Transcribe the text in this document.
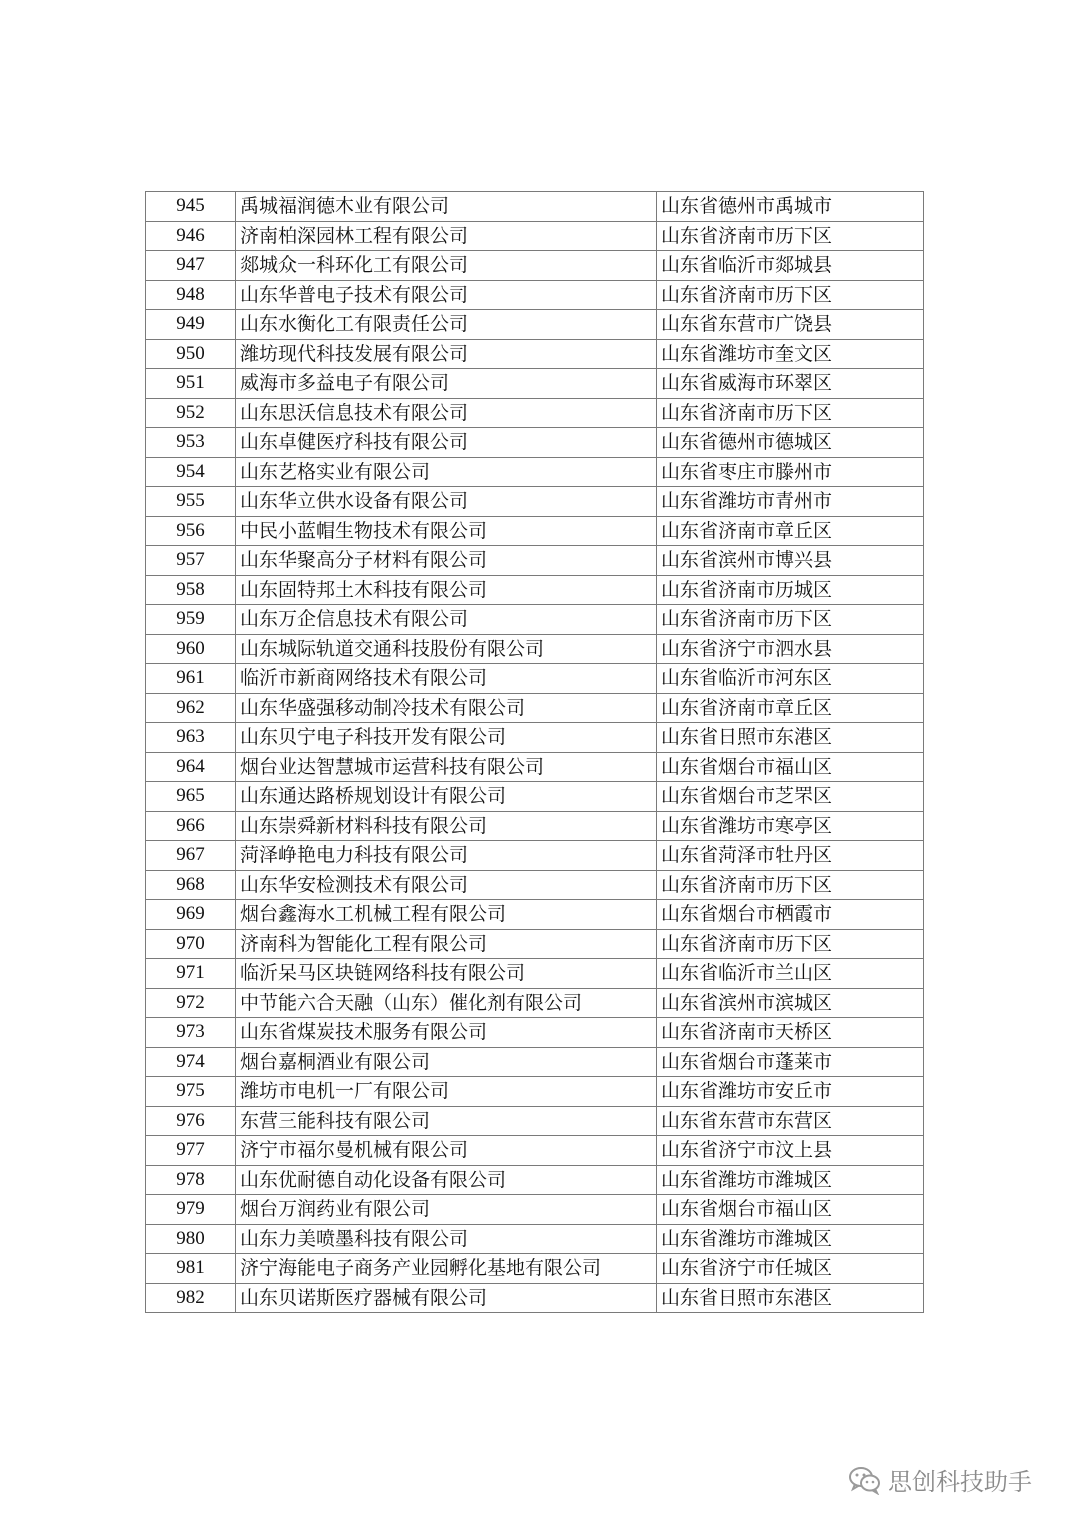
945	禹城福润德木业有限公司	山东省德州市禹城市
946	济南柏深园林工程有限公司	山东省济南市历下区
947	郯城众一科环化工有限公司	山东省临沂市郯城县
948	山东华普电子技术有限公司	山东省济南市历下区
949	山东水衡化工有限责任公司	山东省东营市广饶县
950	潍坊现代科技发展有限公司	山东省潍坊市奎文区
951	威海市多益电子有限公司	山东省威海市环翠区
952	山东思沃信息技术有限公司	山东省济南市历下区
953	山东卓健医疗科技有限公司	山东省德州市德城区
954	山东艺格实业有限公司	山东省枣庄市滕州市
955	山东华立供水设备有限公司	山东省潍坊市青州市
956	中民小蓝帽生物技术有限公司	山东省济南市章丘区
957	山东华聚高分子材料有限公司	山东省滨州市博兴县
958	山东固特邦土木科技有限公司	山东省济南市历城区
959	山东万企信息技术有限公司	山东省济南市历下区
960	山东城际轨道交通科技股份有限公司	山东省济宁市泗水县
961	临沂市新商网络技术有限公司	山东省临沂市河东区
962	山东华盛强移动制冷技术有限公司	山东省济南市章丘区
963	山东贝宁电子科技开发有限公司	山东省日照市东港区
964	烟台业达智慧城市运营科技有限公司	山东省烟台市福山区
965	山东通达路桥规划设计有限公司	山东省烟台市芝罘区
966	山东崇舜新材料科技有限公司	山东省潍坊市寒亭区
967	菏泽峥艳电力科技有限公司	山东省菏泽市牡丹区
968	山东华安检测技术有限公司	山东省济南市历下区
969	烟台鑫海水工机械工程有限公司	山东省烟台市栖霞市
970	济南科为智能化工程有限公司	山东省济南市历下区
971	临沂呆马区块链网络科技有限公司	山东省临沂市兰山区
972	中节能六合天融（山东）催化剂有限公司	山东省滨州市滨城区
973	山东省煤炭技术服务有限公司	山东省济南市天桥区
974	烟台嘉桐酒业有限公司	山东省烟台市蓬莱市
975	潍坊市电机一厂有限公司	山东省潍坊市安丘市
976	东营三能科技有限公司	山东省东营市东营区
977	济宁市福尔曼机械有限公司	山东省济宁市汶上县
978	山东优耐德自动化设备有限公司	山东省潍坊市潍城区
979	烟台万润药业有限公司	山东省烟台市福山区
980	山东力美喷墨科技有限公司	山东省潍坊市潍城区
981	济宁海能电子商务产业园孵化基地有限公司	山东省济宁市任城区
982	山东贝诺斯医疗器械有限公司	山东省日照市东港区
思创科技助手
